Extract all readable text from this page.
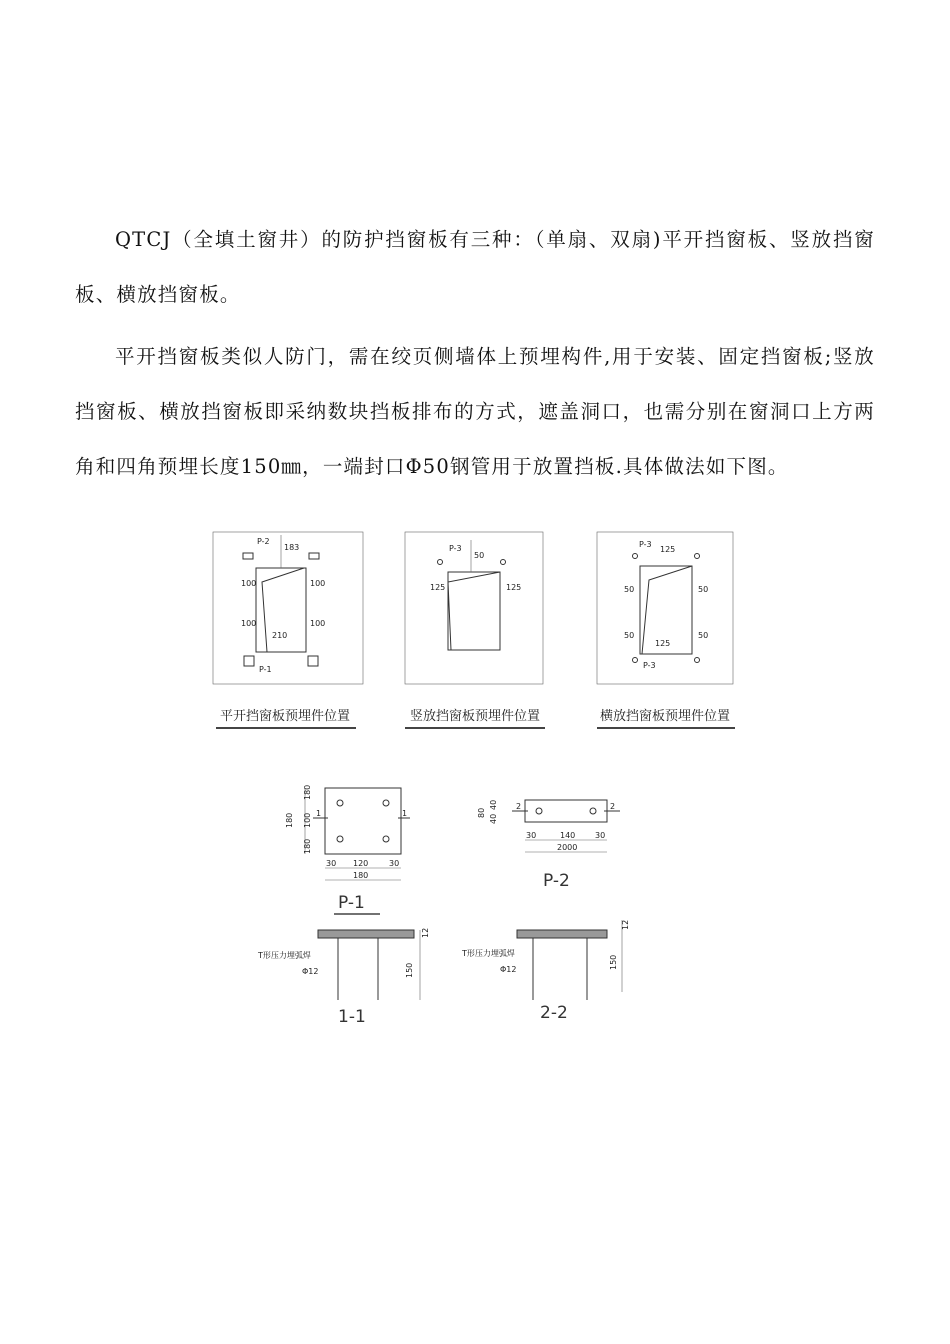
QTCJ（全填土窗井）的防护挡窗板有三种：（单扇、双扇)平开挡窗板、竖放挡窗板、横放挡窗板。

平开挡窗板类似人防门，需在绞页侧墙体上预埋构件,用于安装、固定挡窗板;竖放挡窗板、横放挡窗板即采纳数块挡板排布的方式，遮盖洞口，也需分别在窗洞口上方两角和四角预埋长度150㎜，一端封口Φ50钢管用于放置挡板.具体做法如下图。

P-2
183
100	100
100	100
210
P-1
平开挡窗板预埋件位置
P-3
50
125	125
竖放挡窗板预埋件位置
P-3
125
50	50
50	50
125
P-3
横放挡窗板预埋件位置
1	1
180
180
100
180
30 120	30
180
P-1
2	2
80
40
40
30	140 30
2000
P-2
12
150
T形压力埋弧焊
Φ12
1-1
12
150
T形压力埋弧焊
Φ12
2-2
